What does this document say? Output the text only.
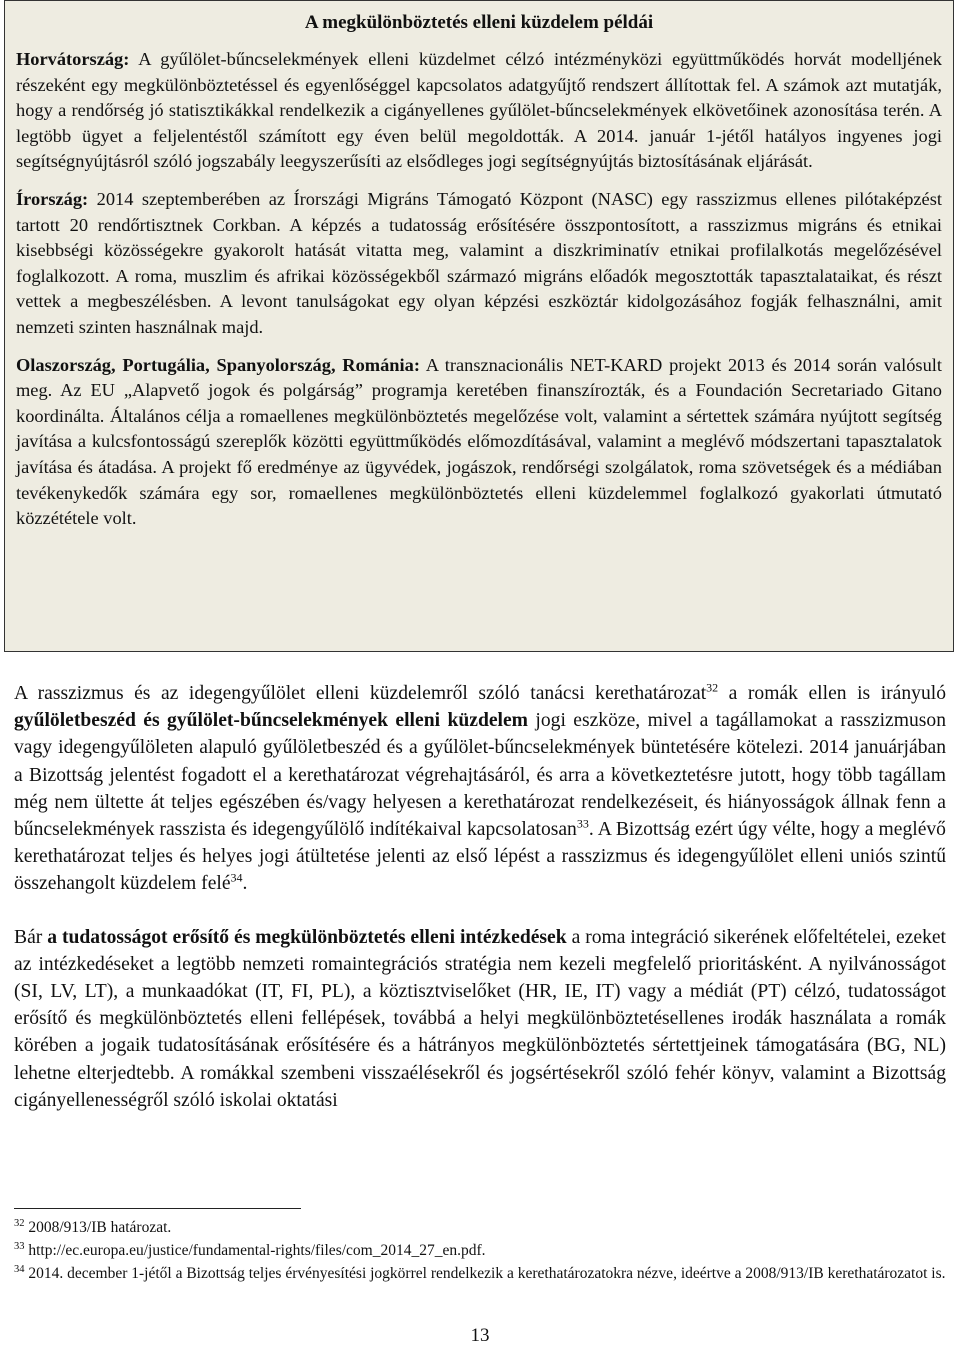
A megkülönböztetés elleni küzdelem példái

Horvátország: A gyűlölet-bűncselekmények elleni küzdelmet célzó intézményközi együttműködés horvát modelljének részeként egy megkülönböztetéssel és egyenlőséggel kapcsolatos adatgyűjtő rendszert állítottak fel. A számok azt mutatják, hogy a rendőrség jó statisztikákkal rendelkezik a cigányellenes gyűlölet-bűncselekmények elkövetőinek azonosítása terén. A legtöbb ügyet a feljelentéstől számított egy éven belül megoldották. A 2014. január 1-jétől hatályos ingyenes jogi segítségnyújtásról szóló jogszabály leegyszerűsíti az elsődleges jogi segítségnyújtás biztosításának eljárását.

Írország: 2014 szeptemberében az Írországi Migráns Támogató Központ (NASC) egy rasszizmus ellenes pilótaképzést tartott 20 rendőrtisztnek Corkban. A képzés a tudatosság erősítésére összpontosított, a rasszizmus migráns és etnikai kisebbségi közösségekre gyakorolt hatását vitatta meg, valamint a diszkriminatív etnikai profilalkotás megelőzésével foglalkozott. A roma, muszlim és afrikai közösségekből származó migráns előadók megosztották tapasztalataikat, és részt vettek a megbeszélésben. A levont tanulságokat egy olyan képzési eszköztár kidolgozásához fogják felhasználni, amit nemzeti szinten használnak majd.

Olaszország, Portugália, Spanyolország, Románia: A transznacionális NET-KARD projekt 2013 és 2014 során valósult meg. Az EU „Alapvető jogok és polgárság” programja keretében finanszírozták, és a Foundación Secretariado Gitano koordinálta. Általános célja a romaellenes megkülönböztetés megelőzése volt, valamint a sértettek számára nyújtott segítség javítása a kulcsfontosságú szereplők közötti együttműködés előmozdításával, valamint a meglévő módszertani tapasztalatok javítása és átadása. A projekt fő eredménye az ügyvédek, jogászok, rendőrségi szolgálatok, roma szövetségek és a médiában tevékenykedők számára egy sor, romaellenes megkülönböztetés elleni küzdelemmel foglalkozó gyakorlati útmutató közzététele volt.

A rasszizmus és az idegengyűlölet elleni küzdelemről szóló tanácsi kerethatározat$^{32}$ a romák ellen is irányuló gyűlöletbeszéd és gyűlölet-bűncselekmények elleni küzdelem jogi eszköze, mivel a tagállamokat a rasszizmuson vagy idegengyűlöleten alapuló gyűlöletbeszéd és a gyűlölet-bűncselekmények büntetésére kötelezi. 2014 januárjában a Bizottság jelentést fogadott el a kerethatározat végrehajtásáról, és arra a következtetésre jutott, hogy több tagállam még nem ültette át teljes egészében és/vagy helyesen a kerethatározat rendelkezéseit, és hiányosságok állnak fenn a bűncselekmények rasszista és idegengyűlölő indítékaival kapcsolatosan$^{33}$. A Bizottság ezért úgy vélte, hogy a meglévő kerethatározat teljes és helyes jogi átültetése jelenti az első lépést a rasszizmus és idegengyűlölet elleni uniós szintű összehangolt küzdelem felé$^{34}$.

Bár a tudatosságot erősítő és megkülönböztetés elleni intézkedések a roma integráció sikerének előfeltételei, ezeket az intézkedéseket a legtöbb nemzeti romaintegrációs stratégia nem kezeli megfelelő prioritásként. A nyilvánosságot (SI, LV, LT), a munkaadókat (IT, FI, PL), a köztisztviselőket (HR, IE, IT) vagy a médiát (PT) célzó, tudatosságot erősítő és megkülönböztetés elleni fellépések, továbbá a helyi megkülönböztetésellenes irodák használata a romák körében a jogaik tudatosításának erősítésére és a hátrányos megkülönböztetés sértettjeinek támogatására (BG, NL) lehetne elterjedtebb. A romákkal szembeni visszaélésekről és jogsértésekről szóló fehér könyv, valamint a Bizottság cigányellenességről szóló iskolai oktatási

$^{32}$ 2008/913/IB határozat.
$^{33}$ http://ec.europa.eu/justice/fundamental-rights/files/com_2014_27_en.pdf.
$^{34}$ 2014. december 1-jétől a Bizottság teljes érvényesítési jogkörrel rendelkezik a kerethatározatokra nézve, ideértve a 2008/913/IB kerethatározatot is.
13
